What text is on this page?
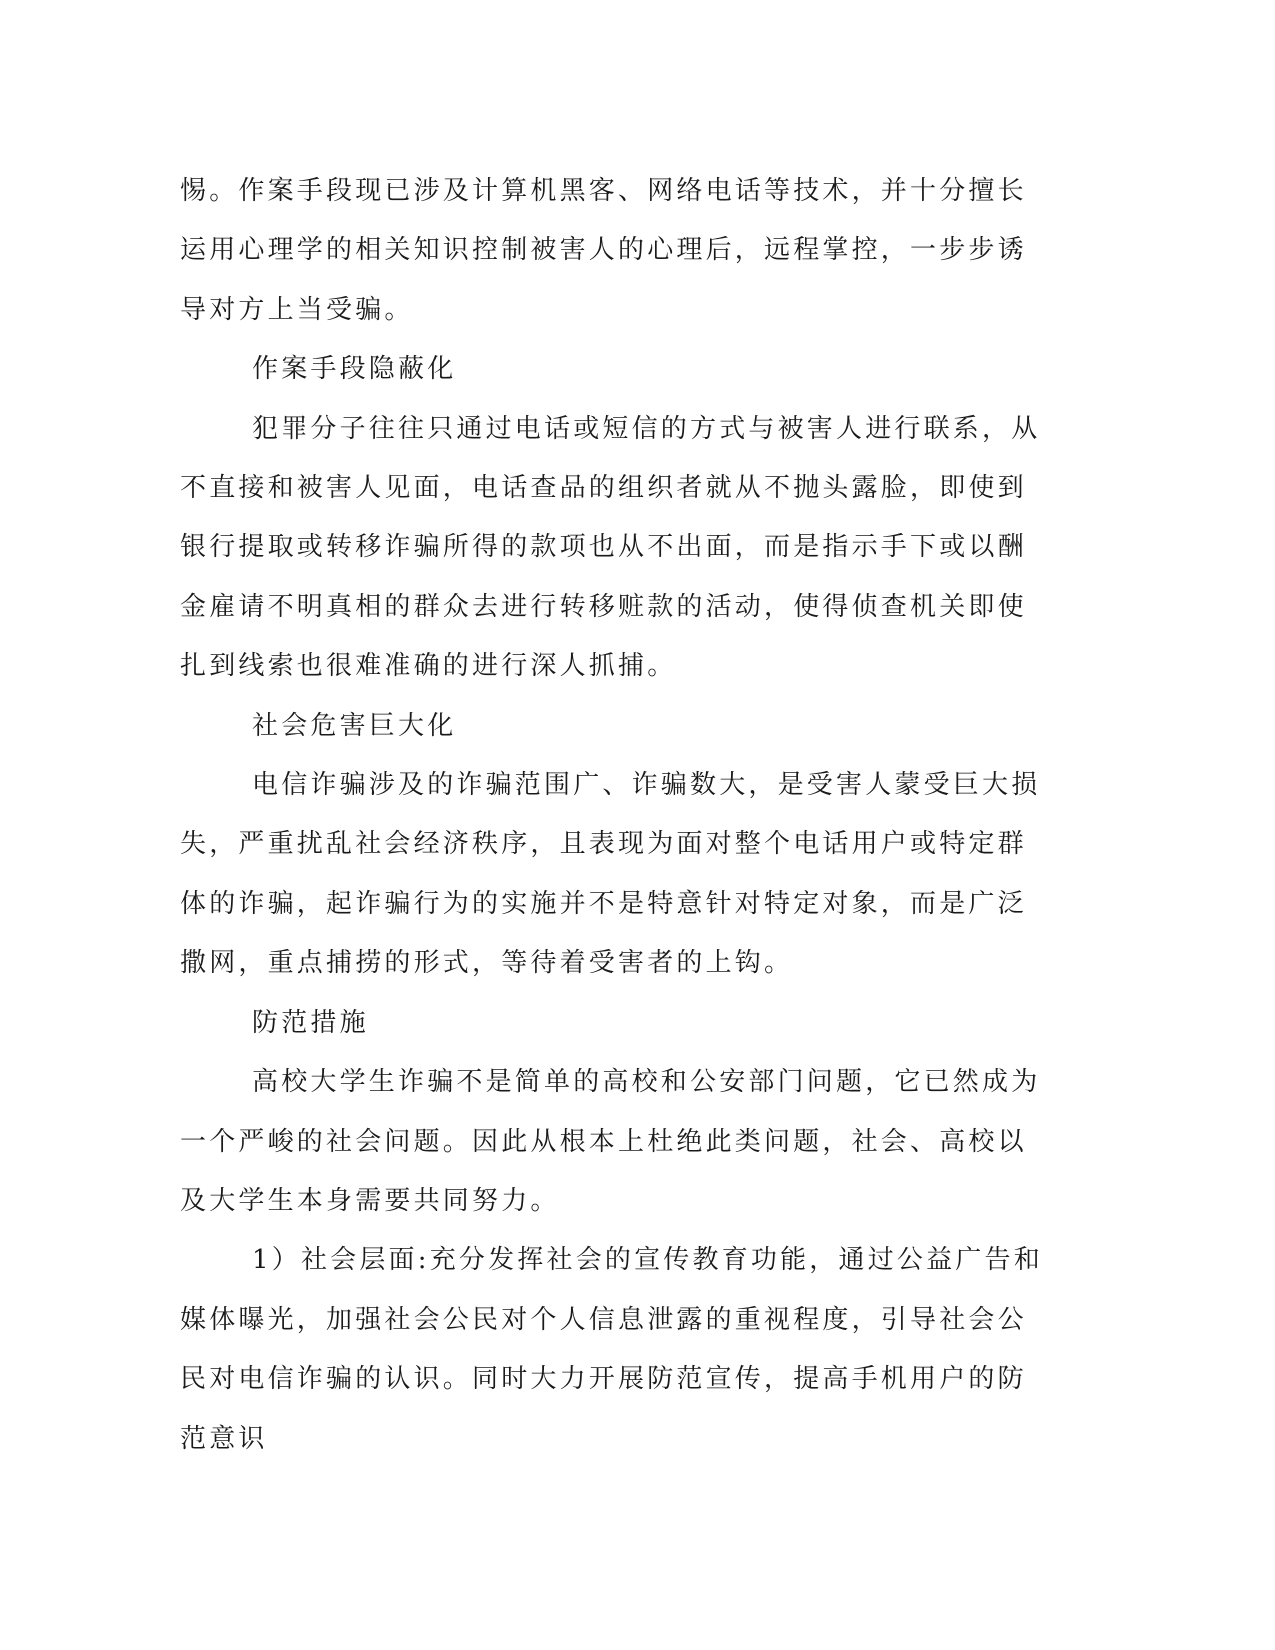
惕。作案手段现已涉及计算机黑客、网络电话等技术，并十分擅长运用心理学的相关知识控制被害人的心理后，远程掌控，一步步诱导对方上当受骗。

作案手段隐蔽化

犯罪分子往往只通过电话或短信的方式与被害人进行联系，从不直接和被害人见面，电话查品的组织者就从不抛头露脸，即使到银行提取或转移诈骗所得的款项也从不出面，而是指示手下或以酬金雇请不明真相的群众去进行转移赃款的活动，使得侦查机关即使扎到线索也很难准确的进行深人抓捕。

社会危害巨大化

电信诈骗涉及的诈骗范围广、诈骗数大，是受害人蒙受巨大损失，严重扰乱社会经济秩序，且表现为面对整个电话用户或特定群体的诈骗，起诈骗行为的实施并不是特意针对特定对象，而是广泛撒网，重点捕捞的形式，等待着受害者的上钩。

防范措施

高校大学生诈骗不是简单的高校和公安部门问题，它已然成为一个严峻的社会问题。因此从根本上杜绝此类问题，社会、高校以及大学生本身需要共同努力。

1）社会层面:充分发挥社会的宣传教育功能，通过公益广告和媒体曝光，加强社会公民对个人信息泄露的重视程度，引导社会公民对电信诈骗的认识。同时大力开展防范宣传，提高手机用户的防范意识
